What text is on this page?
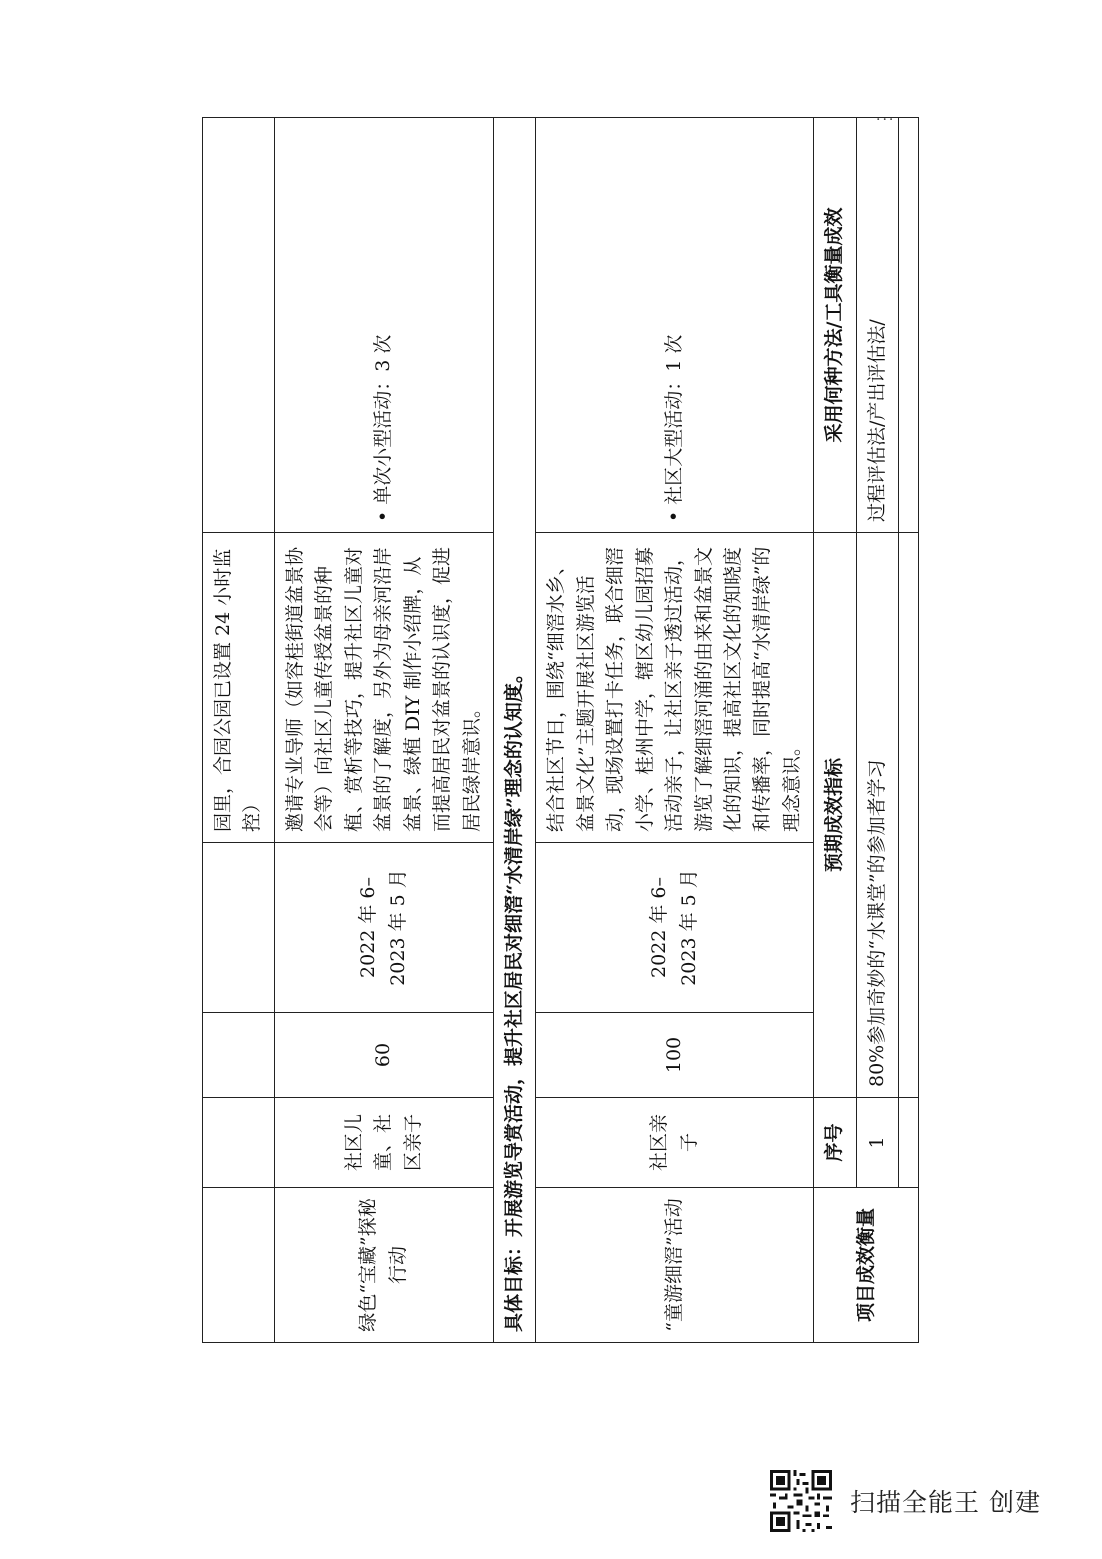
...
				园里，合园公园已设置 24 小时监控）	
绿色“宝藏”探秘行动	社区儿童、社区亲子	60	2022 年 6–2023 年 5 月	邀请专业导师（如容桂街道盆景协会等）向社区儿童传授盆景的种植、赏析等技巧，提升社区儿童对盆景的了解度，另外为母亲河沿岸盆景、绿植 DIY 制作小绍牌，从而提高居民对盆景的认识度，促进居民绿岸意识。	• 单次小型活动：3 次
具体目标：开展游览导赏活动，提升社区居民对细滘“水清岸绿”理念的认知度。					
“童游细滘”活动	社区亲子	100	2022 年 6–2023 年 5 月	结合社区节日，围绕“细滘水乡、盆景文化”主题开展社区游览活动，现场设置打卡任务，联合细滘小学、桂州中学，辖区幼儿园招募活动亲子，让社区亲子透过活动，游览了解细滘河涌的由来和盆景文化的知识，提高社区文化的知晓度和传播率，同时提高“水清岸绿”的理念意识。	• 社区大型活动：1 次
项目成效衡量	序号	预期成效指标			采用何种方法/工具衡量成效
	1	80%参加奇妙的“水课堂”的参加者学习			过程评估法/产出评估法/

扫描全能王 创建
